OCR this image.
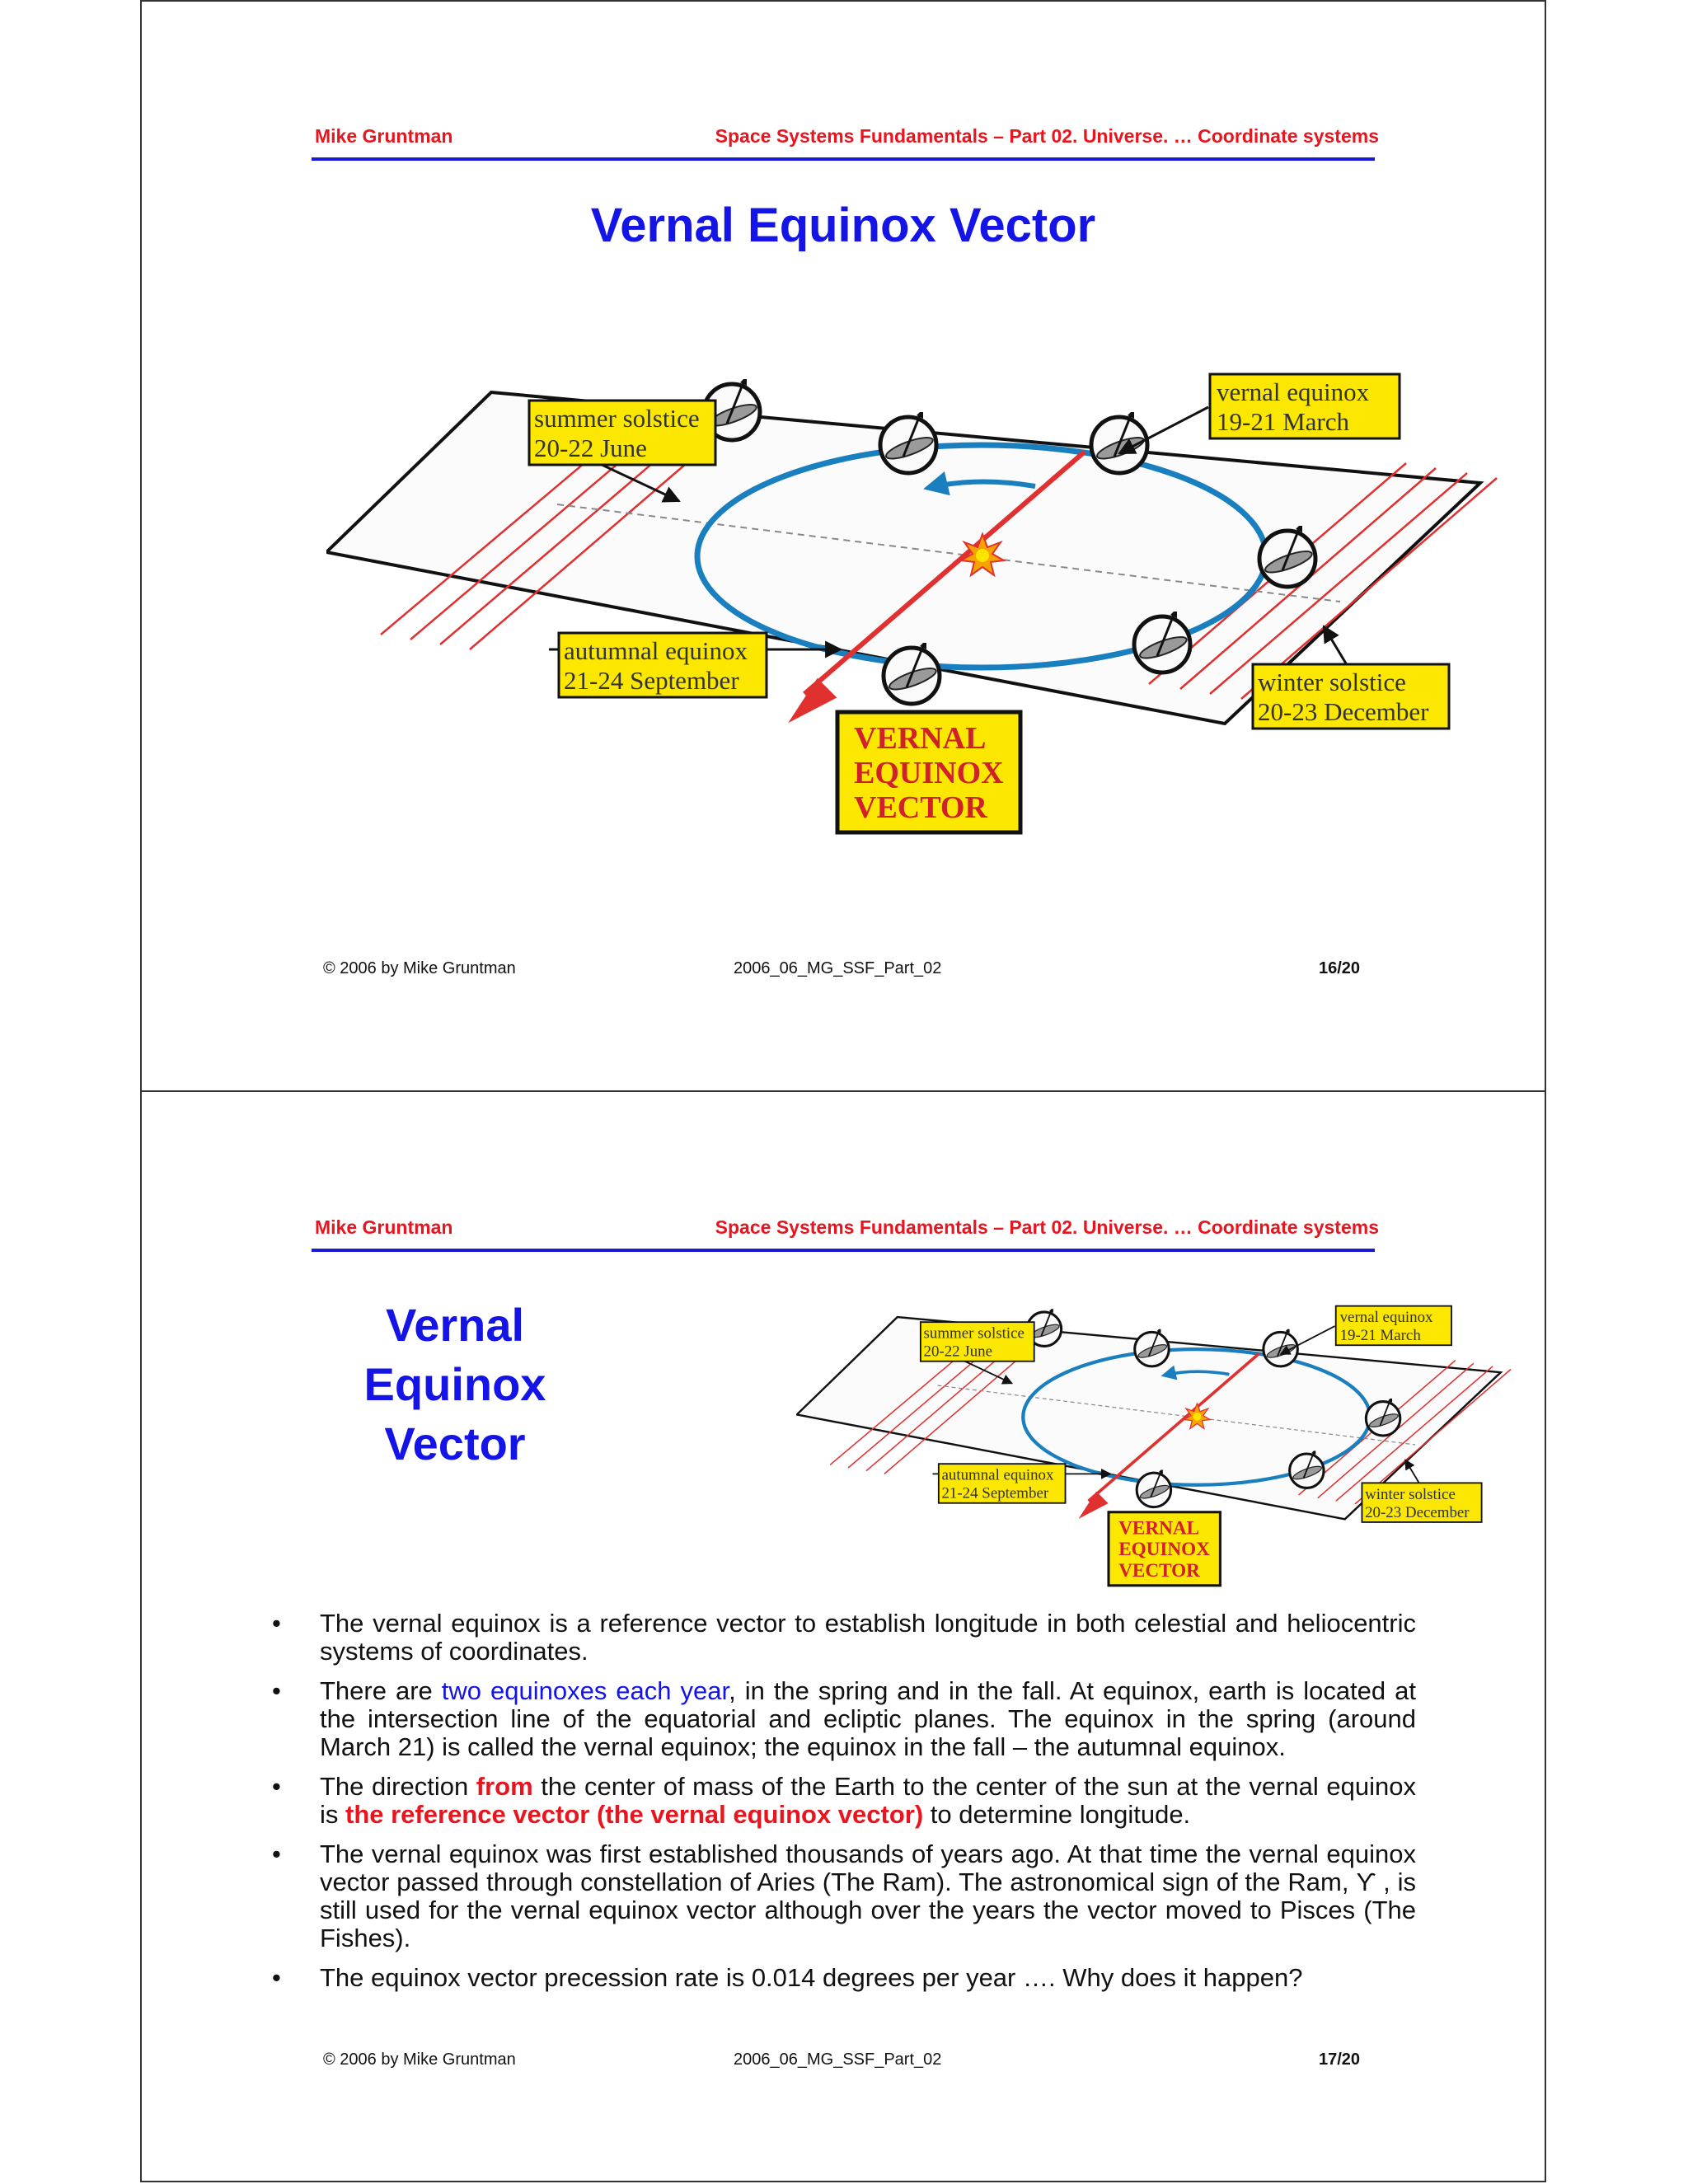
Mike Gruntman	Space Systems Fundamentals – Part 02. Universe. … Coordinate systems
Vernal Equinox Vector
summer solstice
20-22 June
vernal equinox
19-21 March
autumnal equinox
21-24 September	winter solstice
20-23 December
VERNAL
EQUINOX
VECTOR
© 2006 by Mike Gruntman	2006_06_MG_SSF_Part_02	16/20
Mike Gruntman	Space Systems Fundamentals – Part 02. Universe. … Coordinate systems
Vernal
Equinox
Vector
summer solstice
20-22 June
vernal equinox
19-21 March
autumnal equinox
21-24 September	winter solstice
20-23 December
VERNAL
EQUINOX
VECTOR
• The vernal equinox is a reference vector to establish longitude in both celestial and heliocentric systems of coordinates.
• There are two equinoxes each year, in the spring and in the fall. At equinox, earth is located at the intersection line of the equatorial and ecliptic planes. The equinox in the spring (around March 21) is called the vernal equinox; the equinox in the fall – the autumnal equinox.
• The direction from the center of mass of the Earth to the center of the sun at the vernal equinox is the reference vector (the vernal equinox vector) to determine longitude.
• The vernal equinox was first established thousands of years ago. At that time the vernal equinox vector passed through constellation of Aries (The Ram). The astronomical sign of the Ram, ϒ , is still used for the vernal equinox vector although over the years the vector moved to Pisces (The Fishes).
• The equinox vector precession rate is 0.014 degrees per year …. Why does it happen?
© 2006 by Mike Gruntman	2006_06_MG_SSF_Part_02	17/20
